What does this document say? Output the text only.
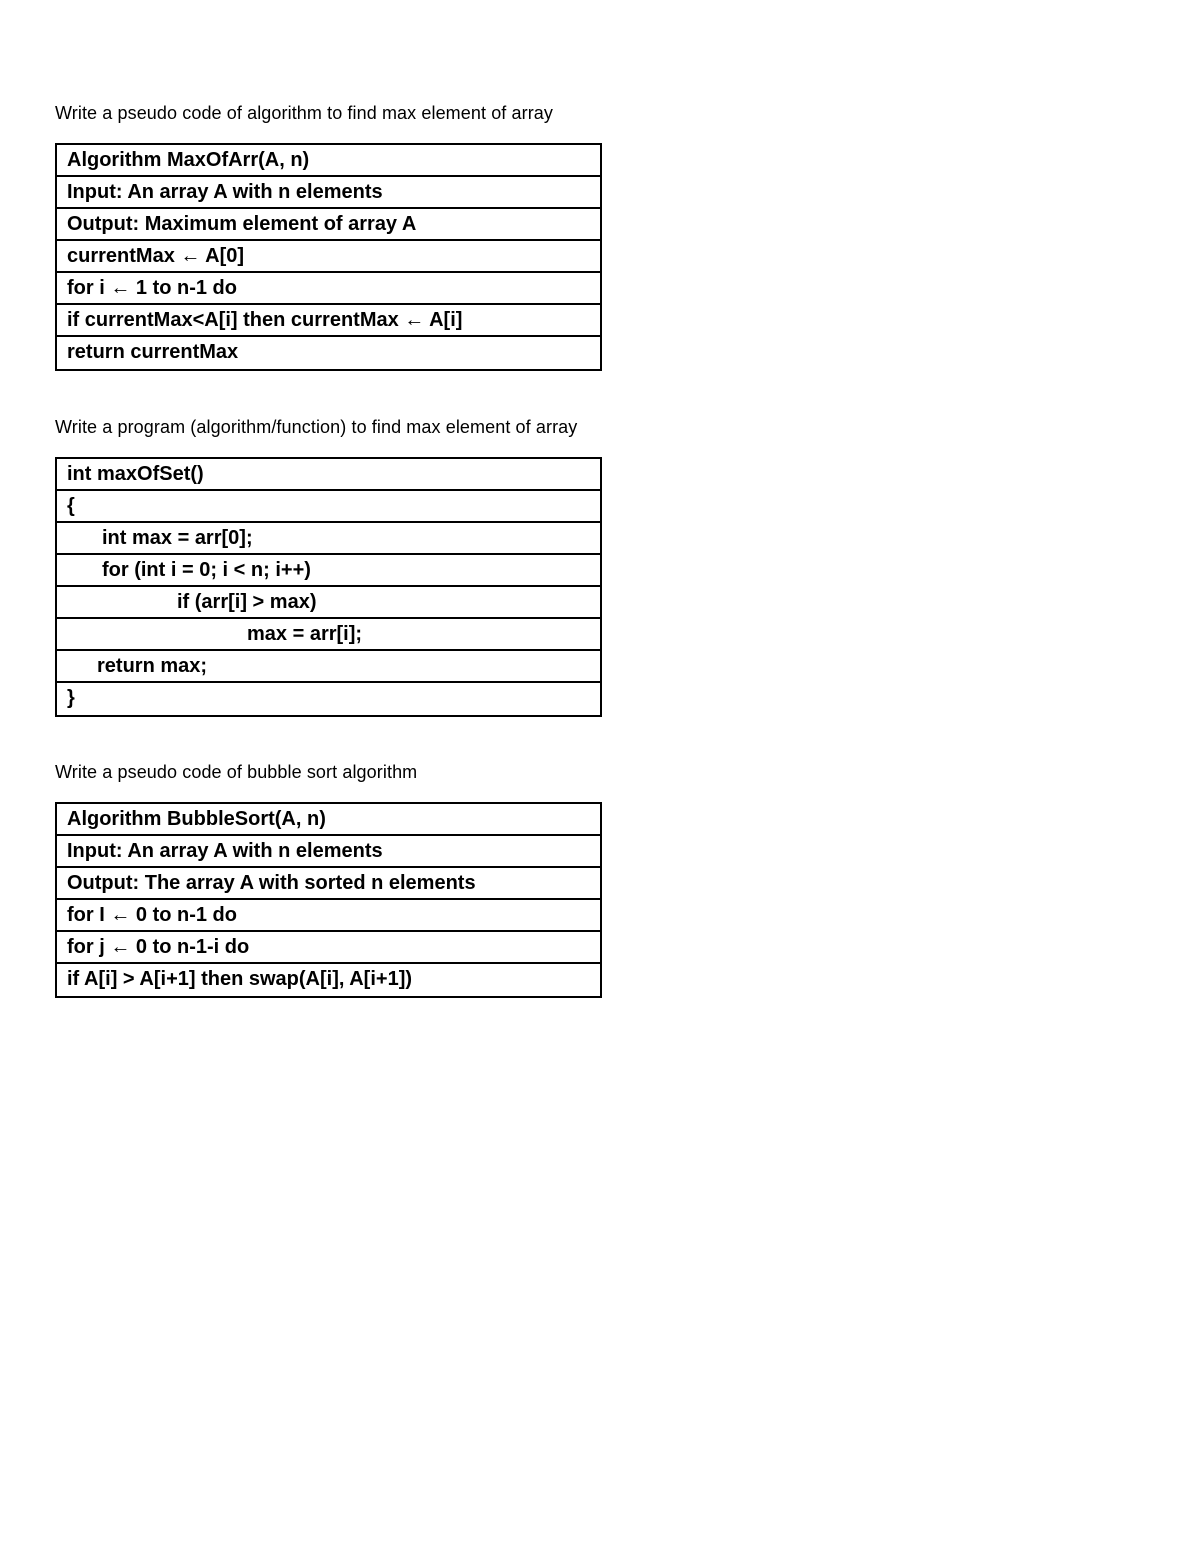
Write a pseudo code of algorithm to find max element of array
Algorithm MaxOfArr(A, n)
Input: An array A with n elements
Output: Maximum element of array A
currentMax ← A[0]
for i ← 1 to n-1 do
if currentMax<A[i] then currentMax ← A[i]
return currentMax
Write a program (algorithm/function) to find max element of array
int maxOfSet()
{
int max = arr[0];
for (int i = 0; i < n; i++)
if (arr[i] > max)
max = arr[i];
return max;
}
Write a pseudo code of bubble sort algorithm
Algorithm BubbleSort(A, n)
Input: An array A with n elements
Output: The array A with sorted n elements
for I ← 0 to n-1 do
for j ← 0 to n-1-i do
if A[i] > A[i+1] then swap(A[i], A[i+1])
